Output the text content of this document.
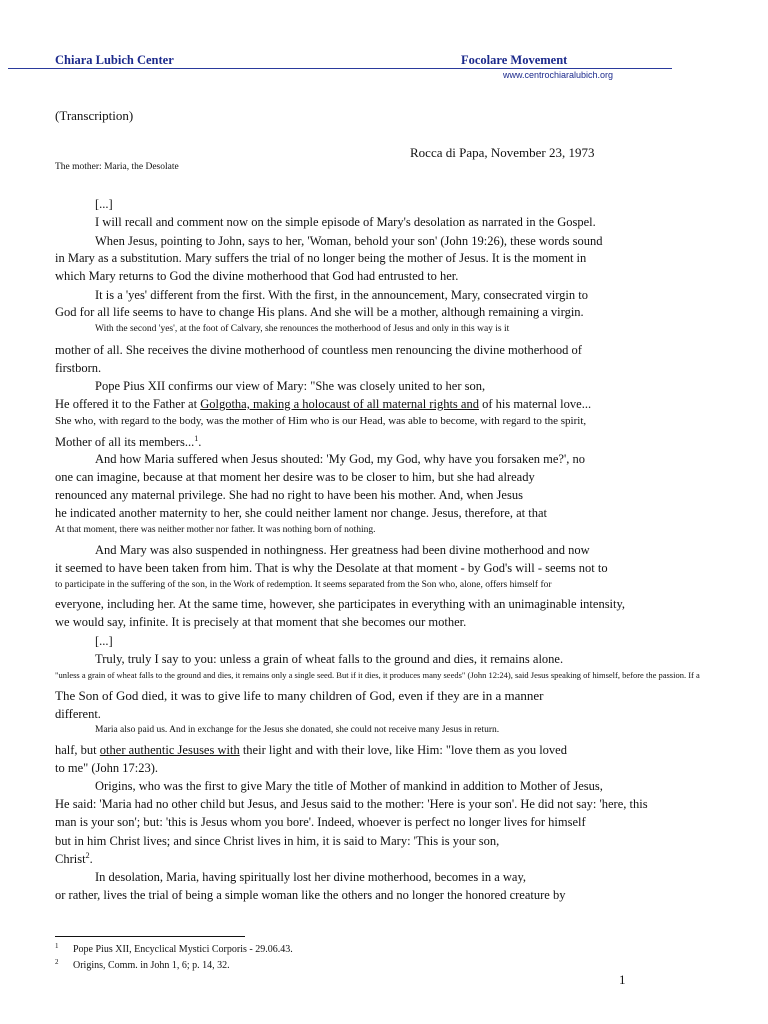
Chiara Lubich Center	Focolare Movement
www.centrochiaralubich.org
(Transcription)
Rocca di Papa, November 23, 1973
The mother: Maria, the Desolate
[...]
I will recall and comment now on the simple episode of Mary's desolation as narrated in the Gospel.
When Jesus, pointing to John, says to her, 'Woman, behold your son' (John 19:26), these words sound
in Mary as a substitution. Mary suffers the trial of no longer being the mother of Jesus. It is the moment in
which Mary returns to God the divine motherhood that God had entrusted to her.
It is a 'yes' different from the first. With the first, in the announcement, Mary, consecrated virgin to
God for all life seems to have to change His plans. And she will be a mother, although remaining a virgin.
With the second 'yes', at the foot of Calvary, she renounces the motherhood of Jesus and only in this way is it
mother of all. She receives the divine motherhood of countless men renouncing the divine motherhood of
firstborn.
Pope Pius XII confirms our view of Mary: "She was closely united to her son,
He offered it to the Father at Golgotha, making a holocaust of all maternal rights and of his maternal love...
She who, with regard to the body, was the mother of Him who is our Head, was able to become, with regard to the spirit,
Mother of all its members...$^1$.
And how Maria suffered when Jesus shouted: 'My God, my God, why have you forsaken me?', no
one can imagine, because at that moment her desire was to be closer to him, but she had already
renounced any maternal privilege. She had no right to have been his mother. And, when Jesus
he indicated another maternity to her, she could neither lament nor change. Jesus, therefore, at that
At that moment, there was neither mother nor father. It was nothing born of nothing.
And Mary was also suspended in nothingness. Her greatness had been divine motherhood and now
it seemed to have been taken from him. That is why the Desolate at that moment - by God's will - seems not to
to participate in the suffering of the son, in the Work of redemption. It seems separated from the Son who, alone, offers himself for
everyone, including her. At the same time, however, she participates in everything with an unimaginable intensity,
we would say, infinite. It is precisely at that moment that she becomes our mother.
[...]
Truly, truly I say to you: unless a grain of wheat falls to the ground and dies, it remains alone.
"unless a grain of wheat falls to the ground and dies, it remains only a single seed. But if it dies, it produces many seeds" (John 12:24), said Jesus speaking of himself, before the passion. If a
The Son of God died, it was to give life to many children of God, even if they are in a manner
different.
Maria also paid us. And in exchange for the Jesus she donated, she could not receive many Jesus in return.
half, but other authentic Jesuses with their light and with their love, like Him: "love them as you loved
to me" (John 17:23).
Origins, who was the first to give Mary the title of Mother of mankind in addition to Mother of Jesus,
He said: 'Maria had no other child but Jesus, and Jesus said to the mother: 'Here is your son'. He did not say: 'here, this
man is your son'; but: 'this is Jesus whom you bore'. Indeed, whoever is perfect no longer lives for himself
but in him Christ lives; and since Christ lives in him, it is said to Mary: 'This is your son,
Christ$^2$.
In desolation, Maria, having spiritually lost her divine motherhood, becomes in a way,
or rather, lives the trial of being a simple woman like the others and no longer the honored creature by
$^1$ Pope Pius XII, Encyclical Mystici Corporis - 29.06.43.
$^2$ Origins, Comm. in John 1, 6; p. 14, 32.
1
